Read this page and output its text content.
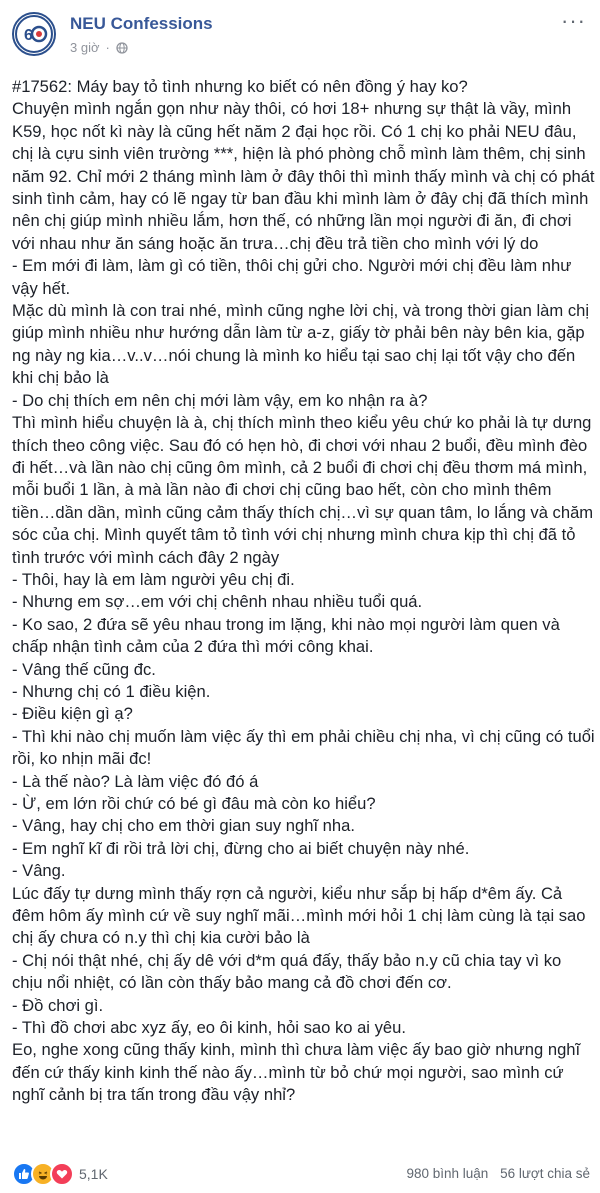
6
NEU Confessions
3 giờ ·
···

#17562: Máy bay tỏ tình nhưng ko biết có nên đồng ý hay ko?

Chuyện mình ngắn gọn như này thôi, có hơi 18+ nhưng sự thật là vầy, mình K59, học nốt kì này là cũng hết năm 2 đại học rồi. Có 1 chị ko phải NEU đâu, chị là cựu sinh viên trường ***, hiện là phó phòng chỗ mình làm thêm, chị sinh năm 92. Chỉ mới 2 tháng mình làm ở đây thôi thì mình thấy mình và chị có phát sinh tình cảm, hay có lẽ ngay từ ban đầu khi mình làm ở đây chị đã thích mình nên chị giúp mình nhiều lắm, hơn thế, có những lần mọi người đi ăn, đi chơi với nhau như ăn sáng hoặc ăn trưa…chị đều trả tiền cho mình với lý do

- Em mới đi làm, làm gì có tiền, thôi chị gửi cho. Người mới chị đều làm như vậy hết.

Mặc dù mình là con trai nhé, mình cũng nghe lời chị, và trong thời gian làm chị giúp mình nhiều như hướng dẫn làm từ a-z, giấy tờ phải bên này bên kia, gặp ng này ng kia…v..v…nói chung là mình ko hiểu tại sao chị lại tốt vậy cho đến khi chị bảo là

- Do chị thích em nên chị mới làm vậy, em ko nhận ra à?

Thì mình hiểu chuyện là à, chị thích mình theo kiểu yêu chứ ko phải là tự dưng thích theo công việc. Sau đó có hẹn hò, đi chơi với nhau 2 buổi, đều mình đèo đi hết…và lần nào chị cũng ôm mình, cả 2 buổi đi chơi chị đều thơm má mình, mỗi buổi 1 lần, à mà lần nào đi chơi chị cũng bao hết, còn cho mình thêm tiền…dần dần, mình cũng cảm thấy thích chị…vì sự quan tâm, lo lắng và chăm sóc của chị. Mình quyết tâm tỏ tình với chị nhưng mình chưa kịp thì chị đã tỏ tình trước với mình cách đây 2 ngày

- Thôi, hay là em làm người yêu chị đi.

- Nhưng em sợ…em với chị chênh nhau nhiều tuổi quá.

- Ko sao, 2 đứa sẽ yêu nhau trong im lặng, khi nào mọi người làm quen và chấp nhận tình cảm của 2 đứa thì mới công khai.

- Vâng thế cũng đc.

- Nhưng chị có 1 điều kiện.

- Điều kiện gì ạ?

- Thì khi nào chị muốn làm việc ấy thì em phải chiều chị nha, vì chị cũng có tuổi rồi, ko nhịn mãi đc!

- Là thế nào? Là làm việc đó đó á

- Ừ, em lớn rồi chứ có bé gì đâu mà còn ko hiểu?

- Vâng, hay chị cho em thời gian suy nghĩ nha.

- Em nghĩ kĩ đi rồi trả lời chị, đừng cho ai biết chuyện này nhé.

- Vâng.

Lúc đấy tự dưng mình thấy rợn cả người, kiểu như sắp bị hấp d*êm ấy. Cả đêm hôm ấy mình cứ về suy nghĩ mãi…mình mới hỏi 1 chị làm cùng là tại sao chị ấy chưa có n.y thì chị kia cười bảo là

- Chị nói thật nhé, chị ấy dê với d*m quá đấy, thấy bảo n.y cũ chia tay vì ko chịu nổi nhiệt, có lần còn thấy bảo mang cả đồ chơi đến cơ.

- Đồ chơi gì.

- Thì đồ chơi abc xyz ấy, eo ôi kinh, hỏi sao ko ai yêu.

Eo, nghe xong cũng thấy kinh, mình thì chưa làm việc ấy bao giờ nhưng nghĩ đến cứ thấy kinh kinh thế nào ấy…mình từ bỏ chứ mọi người, sao mình cứ nghĩ cảnh bị tra tấn trong đầu vậy nhỉ?

5,1K	980 bình luận 56 lượt chia sẻ
